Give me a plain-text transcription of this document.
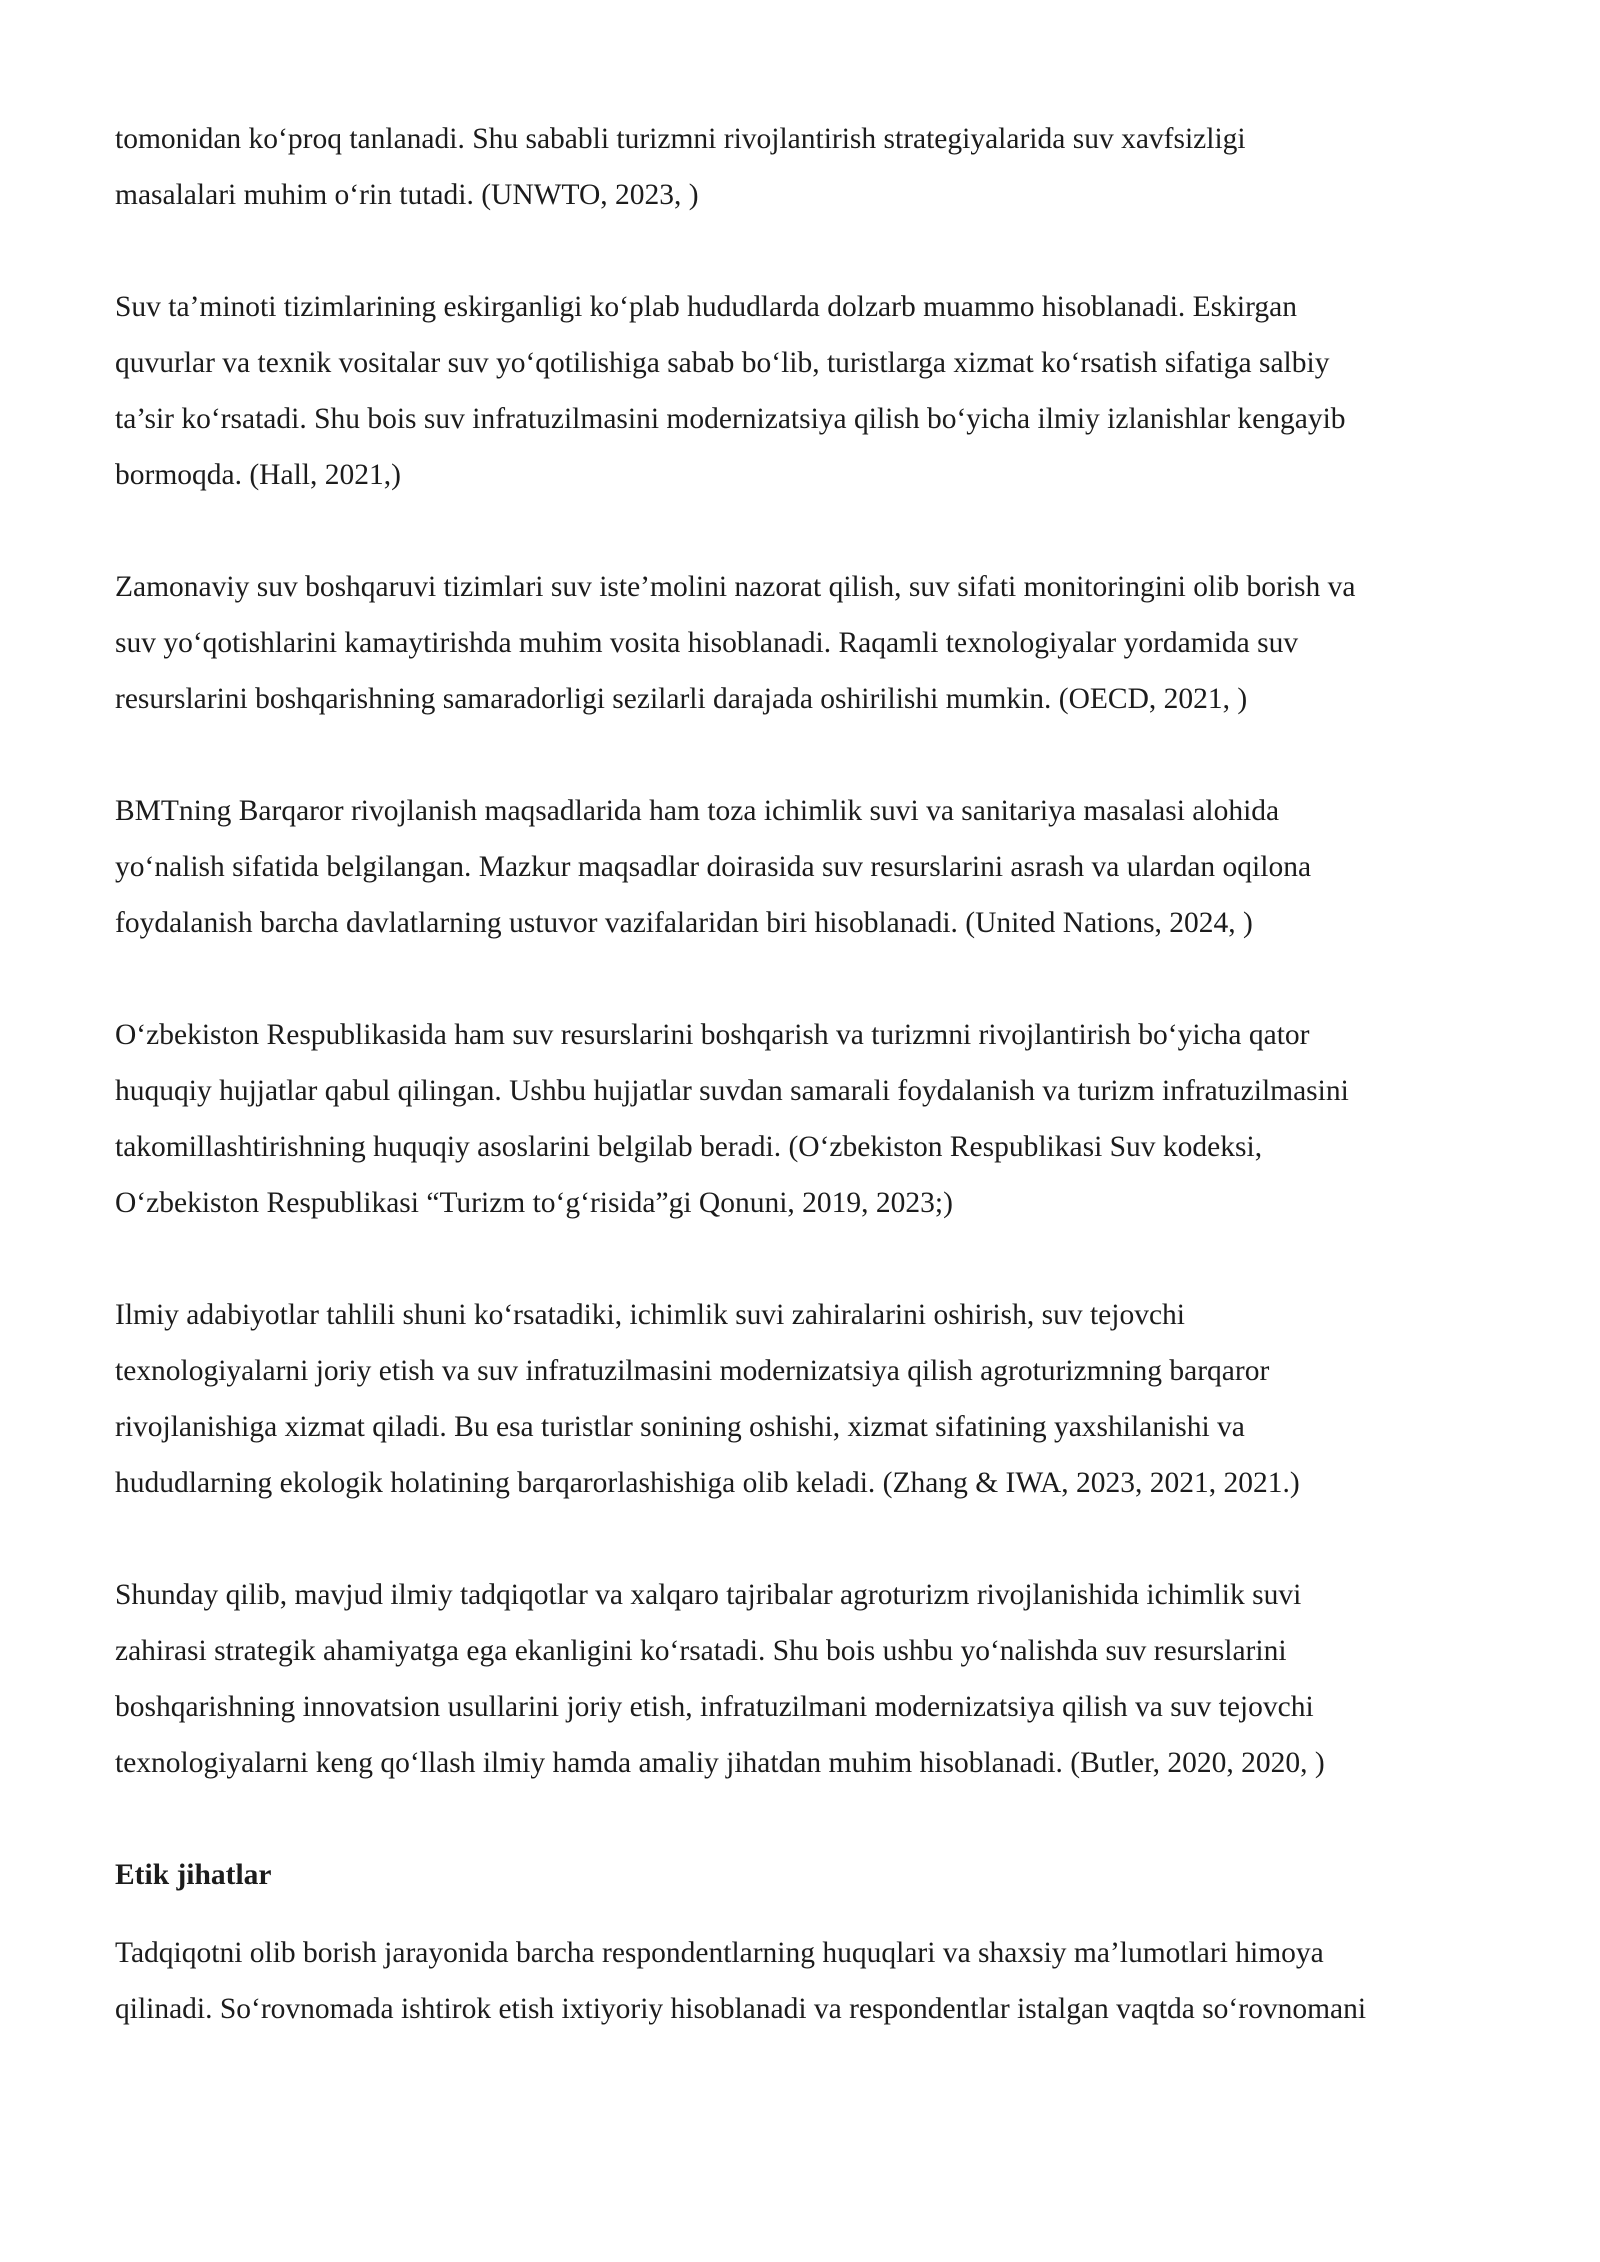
tomonidan ko‘proq tanlanadi. Shu sababli turizmni rivojlantirish strategiyalarida suv xavfsizligi
masalalari muhim o‘rin tutadi. (UNWTO, 2023, )
Suv ta’minoti tizimlarining eskirganligi ko‘plab hududlarda dolzarb muammo hisoblanadi. Eskirgan
quvurlar va texnik vositalar suv yo‘qotilishiga sabab bo‘lib, turistlarga xizmat ko‘rsatish sifatiga salbiy
ta’sir ko‘rsatadi. Shu bois suv infratuzilmasini modernizatsiya qilish bo‘yicha ilmiy izlanishlar kengayib
bormoqda. (Hall, 2021,)
Zamonaviy suv boshqaruvi tizimlari suv iste’molini nazorat qilish, suv sifati monitoringini olib borish va
suv yo‘qotishlarini kamaytirishda muhim vosita hisoblanadi. Raqamli texnologiyalar yordamida suv
resurslarini boshqarishning samaradorligi sezilarli darajada oshirilishi mumkin. (OECD, 2021, )
BMTning Barqaror rivojlanish maqsadlarida ham toza ichimlik suvi va sanitariya masalasi alohida
yo‘nalish sifatida belgilangan. Mazkur maqsadlar doirasida suv resurslarini asrash va ulardan oqilona
foydalanish barcha davlatlarning ustuvor vazifalaridan biri hisoblanadi. (United Nations, 2024, )
O‘zbekiston Respublikasida ham suv resurslarini boshqarish va turizmni rivojlantirish bo‘yicha qator
huquqiy hujjatlar qabul qilingan. Ushbu hujjatlar suvdan samarali foydalanish va turizm infratuzilmasini
takomillashtirishning huquqiy asoslarini belgilab beradi. (O‘zbekiston Respublikasi Suv kodeksi,
O‘zbekiston Respublikasi “Turizm to‘g‘risida”gi Qonuni, 2019, 2023;)
Ilmiy adabiyotlar tahlili shuni ko‘rsatadiki, ichimlik suvi zahiralarini oshirish, suv tejovchi
texnologiyalarni joriy etish va suv infratuzilmasini modernizatsiya qilish agroturizmning barqaror
rivojlanishiga xizmat qiladi. Bu esa turistlar sonining oshishi, xizmat sifatining yaxshilanishi va
hududlarning ekologik holatining barqarorlashishiga olib keladi. (Zhang & IWA, 2023, 2021, 2021.)
Shunday qilib, mavjud ilmiy tadqiqotlar va xalqaro tajribalar agroturizm rivojlanishida ichimlik suvi
zahirasi strategik ahamiyatga ega ekanligini ko‘rsatadi. Shu bois ushbu yo‘nalishda suv resurslarini
boshqarishning innovatsion usullarini joriy etish, infratuzilmani modernizatsiya qilish va suv tejovchi
texnologiyalarni keng qo‘llash ilmiy hamda amaliy jihatdan muhim hisoblanadi. (Butler, 2020, 2020, )
Etik jihatlar
Tadqiqotni olib borish jarayonida barcha respondentlarning huquqlari va shaxsiy ma’lumotlari himoya
qilinadi. So‘rovnomada ishtirok etish ixtiyoriy hisoblanadi va respondentlar istalgan vaqtda so‘rovnomani
